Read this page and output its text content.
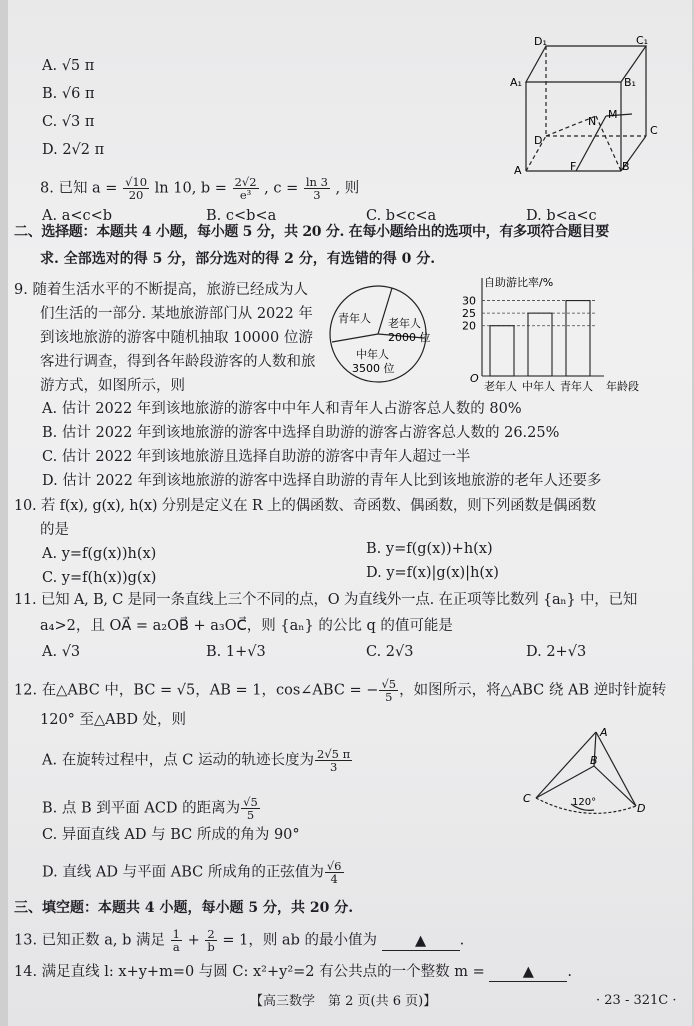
A. √5 π
B. √6 π
C. √3 π
D. 2√2 π
D₁	C₁
A₁	B₁
N
M
D
C
A	F	B
8. 已知 $a = \frac{√10}{20}$ ln 10, $b = \frac{2√2}{\text{e³}}$ , $c = \frac{\ln 3}{3}$ , 则
A. a<c<b	B. c<b<a	C. b<c<a	D. b<a<c
二、选择题：本题共 4 小题，每小题 5 分，共 20 分. 在每小题给出的选项中，有多项符合题目要
求. 全部选对的得 5 分，部分选对的得 2 分，有选错的得 0 分.
9. 随着生活水平的不断提高，旅游已经成为人
们生活的一部分. 某地旅游部门从 2022 年
到该地旅游的游客中随机抽取 10000 位游
客进行调查，得到各年龄段游客的人数和旅
游方式，如图所示，则
青年人 老年人
2000 位
中年人
3500 位
自助游比率/%
O
年龄段
老年人 中年人 青年人
30
25
20
A. 估计 2022 年到该地旅游的游客中中年人和青年人占游客总人数的 80%
B. 估计 2022 年到该地旅游的游客中选择自助游的游客占游客总人数的 26.25%
C. 估计 2022 年到该地旅游且选择自助游的游客中青年人超过一半
D. 估计 2022 年到该地旅游的游客中选择自助游的青年人比到该地旅游的老年人还要多
10. 若 f(x), g(x), h(x) 分别是定义在 R 上的偶函数、奇函数、偶函数，则下列函数是偶函数
的是
A. y=f(g(x))h(x)	B. y=f(g(x))+h(x)
C. y=f(h(x))g(x)	D. y=f(x)|g(x)|h(x)
11. 已知 A, B, C 是同一条直线上三个不同的点，O 为直线外一点. 在正项等比数列 {aₙ} 中，已知
a₄>2，且 OA⃗ = a₂OB⃗ + a₃OC⃗，则 {aₙ} 的公比 q 的值可能是
A. √3	B. 1+√3	C. 2√3	D. 2+√3
12. 在△ABC 中，BC = √5，AB = 1，cos∠ABC = − $\frac{√5}{5}$ ，如图所示，将△ABC 绕 AB 逆时针旋转
120° 至△ABD 处，则
A. 在旋转过程中，点 C 运动的轨迹长度为 $\frac{2√5 \pi}{3}$
B. 点 B 到平面 ACD 的距离为 $\frac{√5}{5}$
C. 异面直线 AD 与 BC 所成的角为 90°
D. 直线 AD 与平面 ABC 所成角的正弦值为 $\frac{√6}{4}$
A
B
C
D
120°
三、填空题：本题共 4 小题，每小题 5 分，共 20 分.
13. 已知正数 a, b 满足 $\frac{1}{a} + \frac{2}{b} = 1$，则 ab 的最小值为	▲ .
14. 满足直线 l: x+y+m=0 与圆 C: x²+y²=2 有公共点的一个整数 m =	▲ .
【高三数学　第 2 页(共 6 页)】	· 23 - 321C ·
